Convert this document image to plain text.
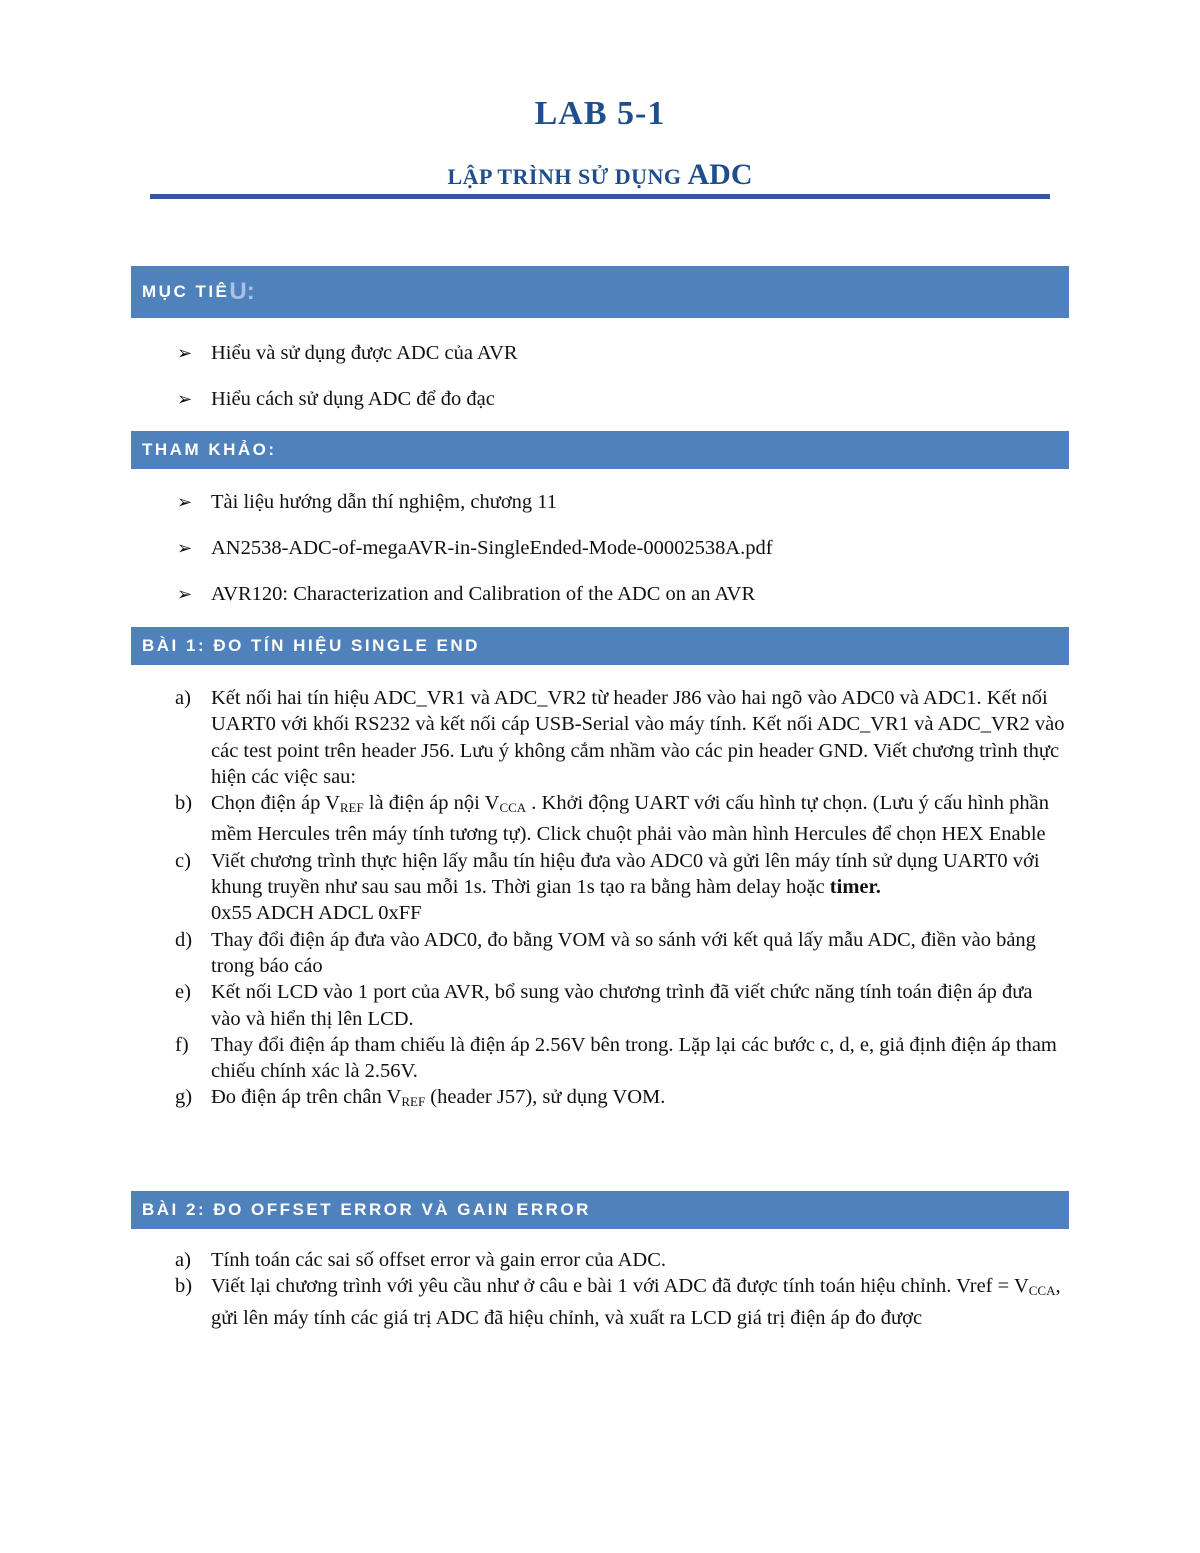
LAB 5-1
LẬP TRÌNH SỬ DỤNG ADC
MỤC TIÊ U:
➢ Hiểu và sử dụng được ADC của AVR
➢ Hiểu cách sử dụng ADC để đo đạc
THAM KHẢO:
➢ Tài liệu hướng dẫn thí nghiệm, chương 11
➢ AN2538-ADC-of-megaAVR-in-SingleEnded-Mode-00002538A.pdf
➢ AVR120: Characterization and Calibration of the ADC on an AVR
BÀI 1: ĐO TÍN HIỆU SINGLE END
a) Kết nối hai tín hiệu ADC_VR1 và ADC_VR2 từ header J86 vào hai ngõ vào ADC0 và ADC1. Kết nối UART0 với khối RS232 và kết nối cáp USB-Serial vào máy tính. Kết nối ADC_VR1 và ADC_VR2 vào các test point trên header J56. Lưu ý không cắm nhầm vào các pin header GND. Viết chương trình thực hiện các việc sau:
b) Chọn điện áp $V_{REF}$ là điện áp nội $V_{CCA}$ . Khởi động UART với cấu hình tự chọn. (Lưu ý cấu hình phần mềm Hercules trên máy tính tương tự). Click chuột phải vào màn hình Hercules để chọn HEX Enable
c) Viết chương trình thực hiện lấy mẫu tín hiệu đưa vào ADC0 và gửi lên máy tính sử dụng UART0 với khung truyền như sau sau mỗi 1s. Thời gian 1s tạo ra bằng hàm delay hoặc timer.
0x55 ADCH ADCL 0xFF
d) Thay đổi điện áp đưa vào ADC0, đo bằng VOM và so sánh với kết quả lấy mẫu ADC, điền vào bảng trong báo cáo
e) Kết nối LCD vào 1 port của AVR, bổ sung vào chương trình đã viết chức năng tính toán điện áp đưa vào và hiển thị lên LCD.
f)	Thay đổi điện áp tham chiếu là điện áp 2.56V bên trong. Lặp lại các bước c, d, e, giả định điện áp tham chiếu chính xác là 2.56V.
g) Đo điện áp trên chân $V_{REF}$ (header J57), sử dụng VOM.
BÀI 2: ĐO OFFSET ERROR VÀ GAIN ERROR
a) Tính toán các sai số offset error và gain error của ADC.
b) Viết lại chương trình với yêu cầu như ở câu e bài 1 với ADC đã được tính toán hiệu chỉnh. Vref = $V_{CCA}$, gửi lên máy tính các giá trị ADC đã hiệu chỉnh, và xuất ra LCD giá trị điện áp đo được
